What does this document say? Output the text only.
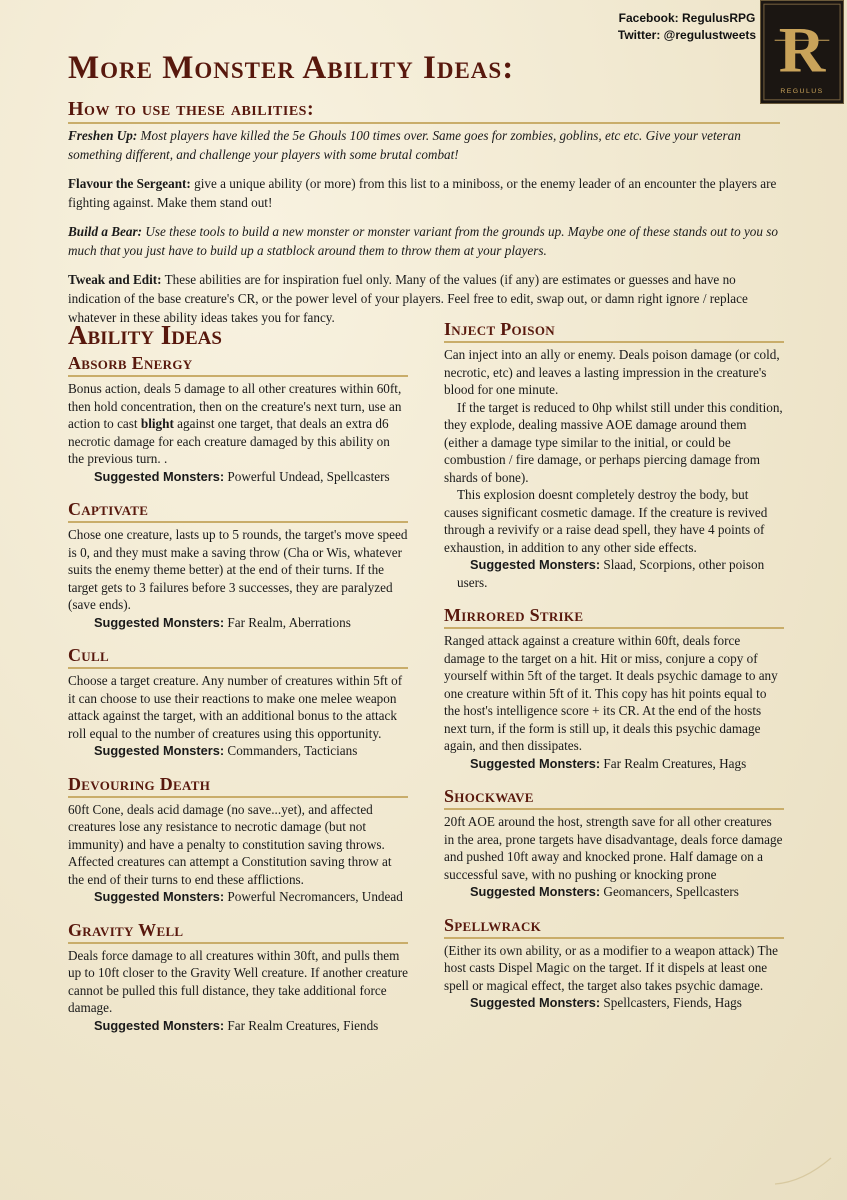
Facebook: RegulusRPG
Twitter: @regulustweets R
REGULUS
More Monster Ability Ideas:
How to use these abilities:

Freshen Up: Most players have killed the 5e Ghouls 100 times over. Same goes for zombies, goblins, etc etc. Give your veteran something different, and challenge your players with some brutal combat!

Flavour the Sergeant: give a unique ability (or more) from this list to a miniboss, or the enemy leader of an encounter the players are fighting against. Make them stand out!

Build a Bear: Use these tools to build a new monster or monster variant from the grounds up. Maybe one of these stands out to you so much that you just have to build up a statblock around them to throw them at your players.

Tweak and Edit: These abilities are for inspiration fuel only. Many of the values (if any) are estimates or guesses and have no indication of the base creature's CR, or the power level of your players. Feel free to edit, swap out, or damn right ignore / replace whatever in these ability ideas takes you for fancy.

Ability Ideas
Absorb Energy

Bonus action, deals 5 damage to all other creatures within 60ft, then hold concentration, then on the creature's next turn, use an action to cast blight against one target, that deals an extra d6 necrotic damage for each creature damaged by this ability on the previous turn. .

Suggested Monsters: Powerful Undead, Spellcasters

Captivate

Chose one creature, lasts up to 5 rounds, the target's move speed is 0, and they must make a saving throw (Cha or Wis, whatever suits the enemy theme better) at the end of their turns. If the target gets to 3 failures before 3 successes, they are paralyzed (save ends).

Suggested Monsters: Far Realm, Aberrations

Cull

Choose a target creature. Any number of creatures within 5ft of it can choose to use their reactions to make one melee weapon attack against the target, with an additional bonus to the attack roll equal to the number of creatures using this opportunity.

Suggested Monsters: Commanders, Tacticians

Devouring Death

60ft Cone, deals acid damage (no save...yet), and affected creatures lose any resistance to necrotic damage (but not immunity) and have a penalty to constitution saving throws. Affected creatures can attempt a Constitution saving throw at the end of their turns to end these afflictions.

Suggested Monsters: Powerful Necromancers, Undead

Gravity Well

Deals force damage to all creatures within 30ft, and pulls them up to 10ft closer to the Gravity Well creature. If another creature cannot be pulled this full distance, they take additional force damage.

Suggested Monsters: Far Realm Creatures, Fiends

Inject Poison

Can inject into an ally or enemy. Deals poison damage (or cold, necrotic, etc) and leaves a lasting impression in the creature's blood for one minute.

If the target is reduced to 0hp whilst still under this condition, they explode, dealing massive AOE damage around them (either a damage type similar to the initial, or could be combustion / fire damage, or perhaps piercing damage from shards of bone).

This explosion doesnt completely destroy the body, but causes significant cosmetic damage. If the creature is revived through a revivify or a raise dead spell, they have 4 points of exhaustion, in addition to any other side effects.

Suggested Monsters: Slaad, Scorpions, other poison users.

Mirrored Strike

Ranged attack against a creature within 60ft, deals force damage to the target on a hit. Hit or miss, conjure a copy of yourself within 5ft of the target. It deals psychic damage to any one creature within 5ft of it. This copy has hit points equal to the host's intelligence score + its CR. At the end of the hosts next turn, if the form is still up, it deals this psychic damage again, and then dissipates.

Suggested Monsters: Far Realm Creatures, Hags

Shockwave

20ft AOE around the host, strength save for all other creatures in the area, prone targets have disadvantage, deals force damage and pushed 10ft away and knocked prone. Half damage on a successful save, with no pushing or knocking prone

Suggested Monsters: Geomancers, Spellcasters

Spellwrack

(Either its own ability, or as a modifier to a weapon attack) The host casts Dispel Magic on the target. If it dispels at least one spell or magical effect, the target also takes psychic damage.

Suggested Monsters: Spellcasters, Fiends, Hags
